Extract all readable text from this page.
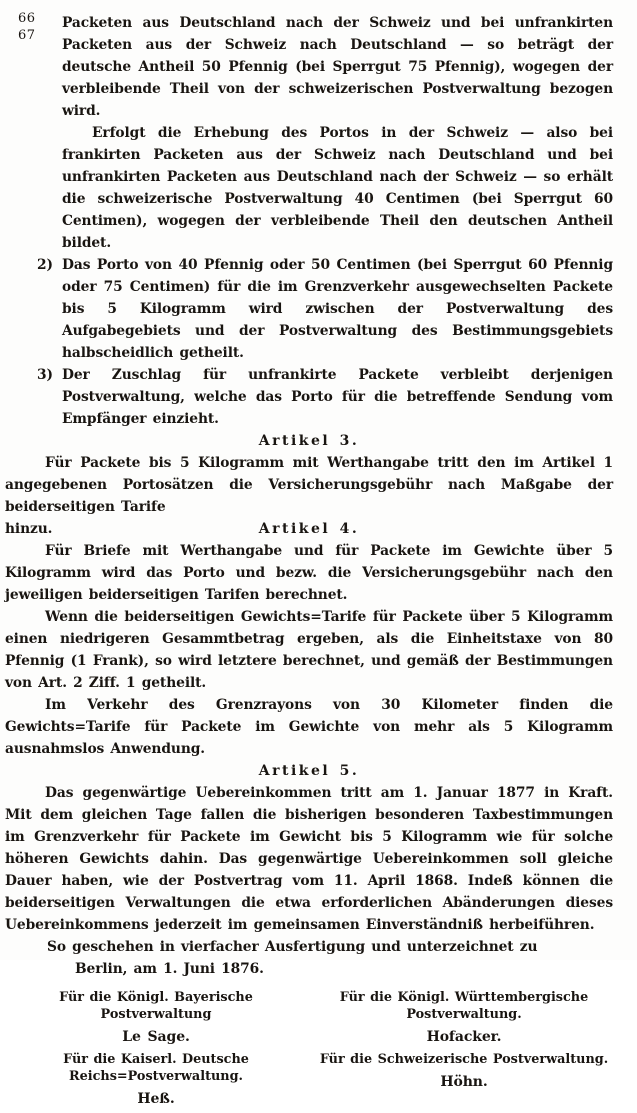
66
67

Packeten aus Deutschland nach der Schweiz und bei unfrankirten Packeten aus der Schweiz nach Deutschland — so beträgt der deutsche Antheil 50 Pfennig (bei Sperrgut 75 Pfennig), wogegen der verbleibende Theil von der schweizerischen Postverwaltung bezogen wird.

Erfolgt die Erhebung des Portos in der Schweiz — also bei frankirten Packeten aus der Schweiz nach Deutschland und bei unfrankirten Packeten aus Deutschland nach der Schweiz — so erhält die schweizerische Postverwaltung 40 Centimen (bei Sperrgut 60 Centimen), wogegen der verbleibende Theil den deutschen Antheil bildet.

2) Das Porto von 40 Pfennig oder 50 Centimen (bei Sperrgut 60 Pfennig oder 75 Centimen) für die im Grenzverkehr ausgewechselten Packete bis 5 Kilogramm wird zwischen der Postverwaltung des Aufgabegebiets und der Postverwaltung des Bestimmungsgebiets halbscheidlich getheilt.

3) Der Zuschlag für unfrankirte Packete verbleibt derjenigen Postverwaltung, welche das Porto für die betreffende Sendung vom Empfänger einzieht.

Artikel 3.

Für Packete bis 5 Kilogramm mit Werthangabe tritt den im Artikel 1 angegebenen Portosätzen die Versicherungsgebühr nach Maßgabe der beiderseitigen Tarife

hinzu.	Artikel 4.

Für Briefe mit Werthangabe und für Packete im Gewichte über 5 Kilogramm wird das Porto und bezw. die Versicherungsgebühr nach den jeweiligen beiderseitigen Tarifen berechnet.

Wenn die beiderseitigen Gewichts=Tarife für Packete über 5 Kilogramm einen niedrigeren Gesammtbetrag ergeben, als die Einheitstaxe von 80 Pfennig (1 Frank), so wird letztere berechnet, und gemäß der Bestimmungen von Art. 2 Ziff. 1 getheilt.

Im Verkehr des Grenzrayons von 30 Kilometer finden die Gewichts=Tarife für Packete im Gewichte von mehr als 5 Kilogramm ausnahmslos Anwendung.

Artikel 5.

Das gegenwärtige Uebereinkommen tritt am 1. Januar 1877 in Kraft. Mit dem gleichen Tage fallen die bisherigen besonderen Taxbestimmungen im Grenzverkehr für Packete im Gewicht bis 5 Kilogramm wie für solche höheren Gewichts dahin. Das gegenwärtige Uebereinkommen soll gleiche Dauer haben, wie der Postvertrag vom 11. April 1868. Indeß können die beiderseitigen Verwaltungen die etwa erforderlichen Abänderungen dieses Uebereinkommens jederzeit im gemeinsamen Einverständniß herbeiführen.

So geschehen in vierfacher Ausfertigung und unterzeichnet zu

Berlin, am 1. Juni 1876.

Für die Königl. Bayerische Postverwaltung
Le Sage.
Für die Kaiserl. Deutsche Reichs=Postverwaltung.
Heß.
Für die Königl. Württembergische Postverwaltung.
Hofacker.
Für die Schweizerische Postverwaltung.
Höhn.
